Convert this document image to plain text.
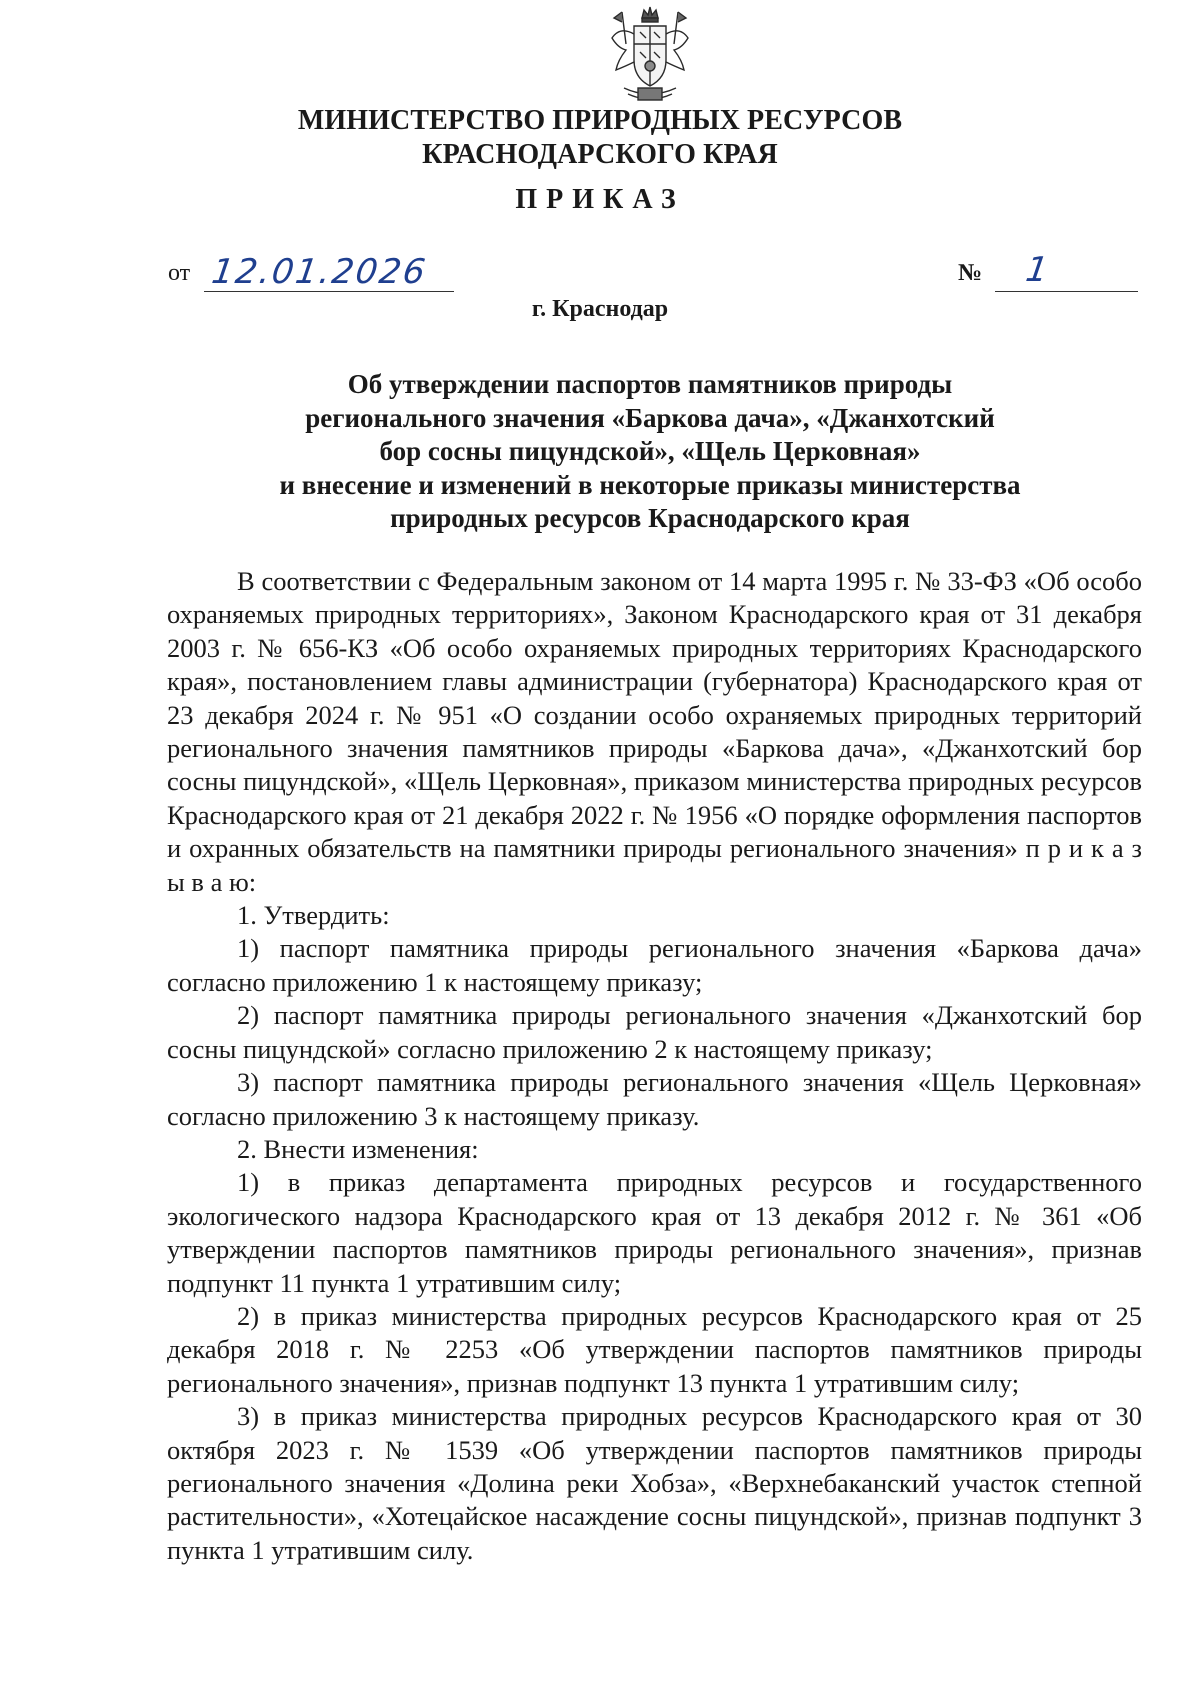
МИНИСТЕРСТВО ПРИРОДНЫХ РЕСУРСОВ
КРАСНОДАРСКОГО КРАЯ
ПРИКАЗ
от 12.01.2026	№ 1
г. Краснодар
Об утверждении паспортов памятников природы
регионального значения «Баркова дача», «Джанхотский
бор сосны пицундской», «Щель Церковная»
и внесение и изменений в некоторые приказы министерства
природных ресурсов Краснодарского края

В соответствии с Федеральным законом от 14 марта 1995 г. № 33-ФЗ «Об особо охраняемых природных территориях», Законом Краснодарского края от 31 декабря 2003 г. № 656-КЗ «Об особо охраняемых природных территориях Краснодарского края», постановлением главы администрации (губернатора) Краснодарского края от 23 декабря 2024 г. № 951 «О создании особо охраняемых природных территорий регионального значения памятников природы «Баркова дача», «Джанхотский бор сосны пицундской», «Щель Церковная», приказом министерства природных ресурсов Краснодарского края от 21 декабря 2022 г. № 1956 «О порядке оформления паспортов и охранных обязательств на памятники природы регионального значения» п р и к а з ы в а ю:

1. Утвердить:

1) паспорт памятника природы регионального значения «Баркова дача» согласно приложению 1 к настоящему приказу;

2) паспорт памятника природы регионального значения «Джанхотский бор сосны пицундской» согласно приложению 2 к настоящему приказу;

3) паспорт памятника природы регионального значения «Щель Церковная» согласно приложению 3 к настоящему приказу.

2. Внести изменения:

1) в приказ департамента природных ресурсов и государственного экологического надзора Краснодарского края от 13 декабря 2012 г. № 361 «Об утверждении паспортов памятников природы регионального значения», признав подпункт 11 пункта 1 утратившим силу;

2) в приказ министерства природных ресурсов Краснодарского края от 25 декабря 2018 г. № 2253 «Об утверждении паспортов памятников природы регионального значения», признав подпункт 13 пункта 1 утратившим силу;

3) в приказ министерства природных ресурсов Краснодарского края от 30 октября 2023 г. № 1539 «Об утверждении паспортов памятников природы регионального значения «Долина реки Хобза», «Верхнебаканский участок степной растительности», «Хотецайское насаждение сосны пицундской», признав подпункт 3 пункта 1 утратившим силу.
